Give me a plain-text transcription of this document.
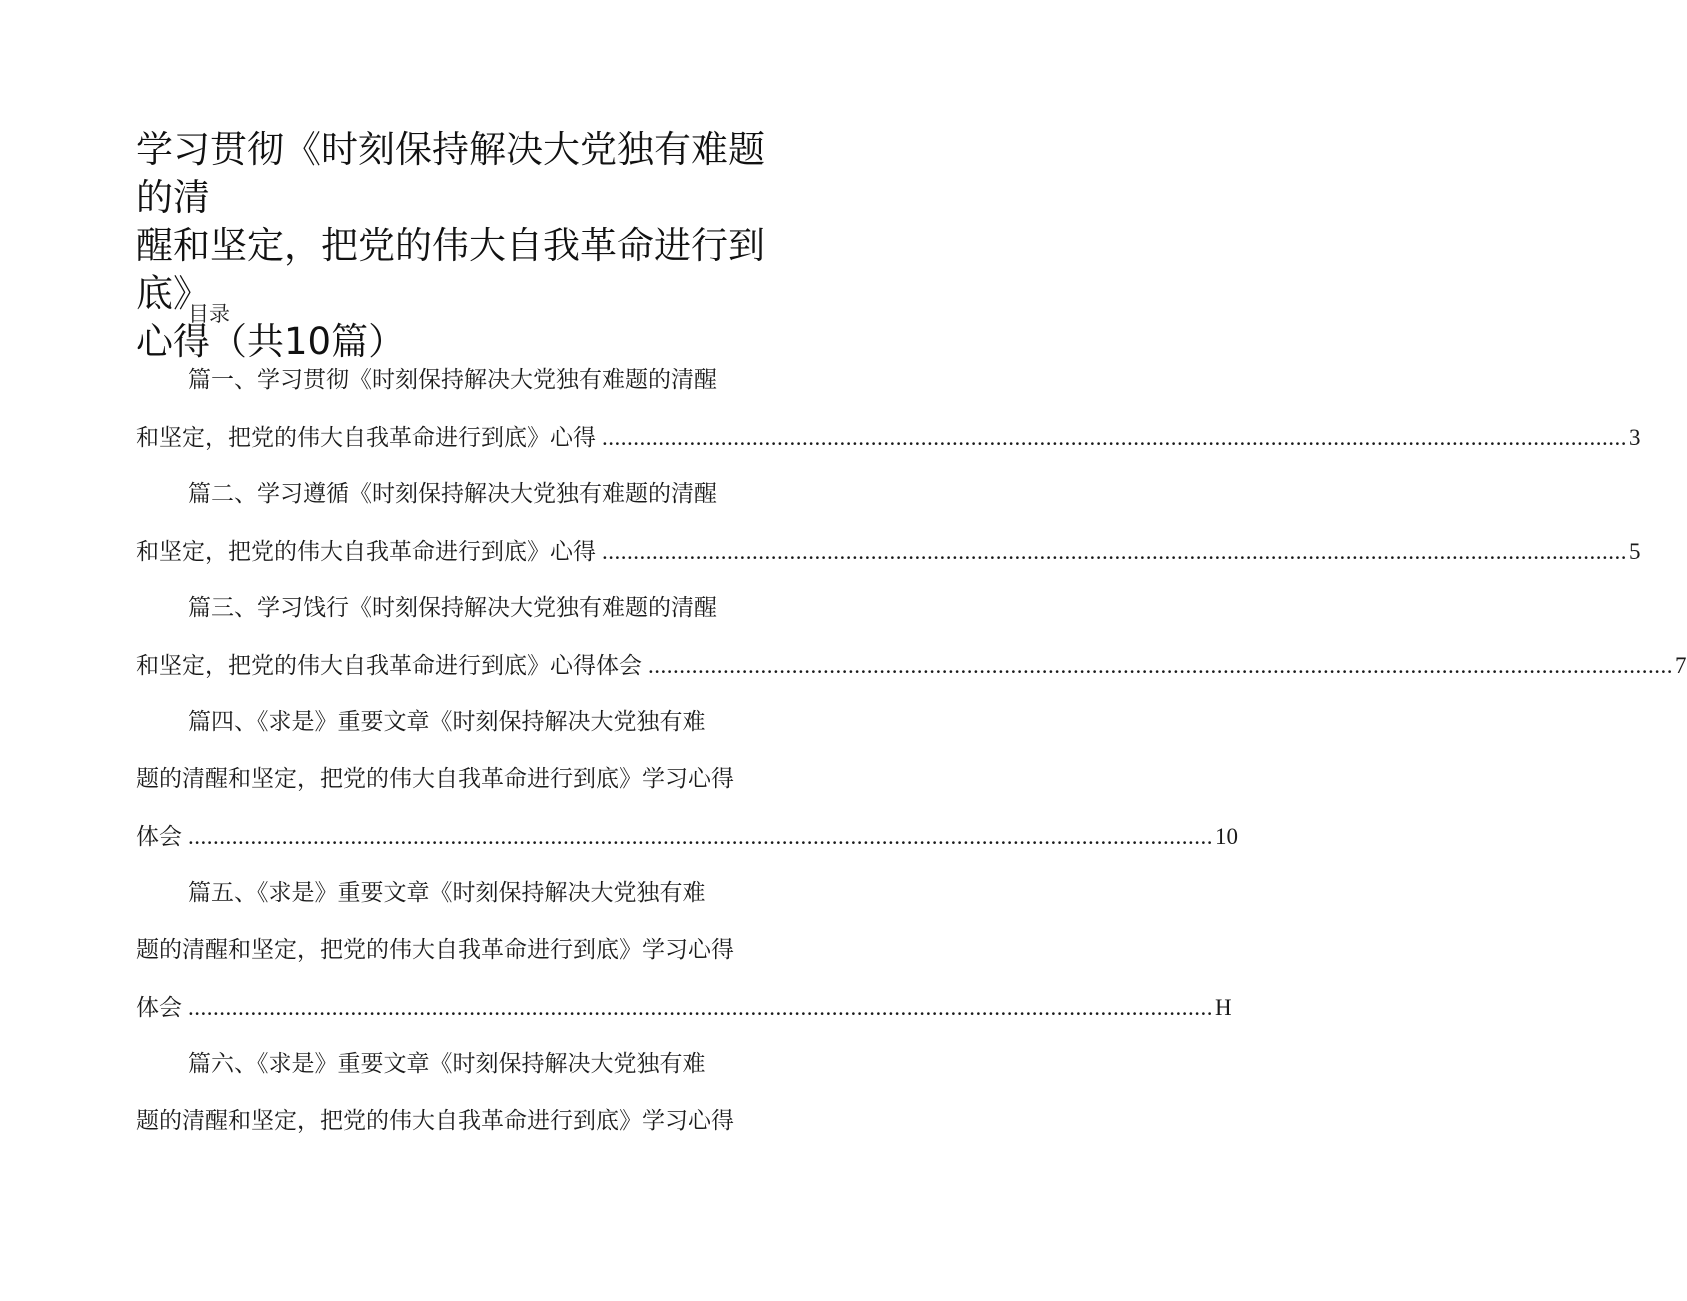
学习贯彻《时刻保持解决大党独有难题的清
醒和坚定，把党的伟大自我革命进行到底》
心得（共10篇）
目录
篇一、学习贯彻《时刻保持解决大党独有难题的清醒
和坚定，把党的伟大自我革命进行到底》心得 .................................................................................................................................................................... 3
篇二、学习遵循《时刻保持解决大党独有难题的清醒
和坚定，把党的伟大自我革命进行到底》心得 .................................................................................................................................................................... 5
篇三、学习饯行《时刻保持解决大党独有难题的清醒
和坚定，把党的伟大自我革命进行到底》心得体会 .................................................................................................................................................................... 7
篇四、《求是》重要文章《时刻保持解决大党独有难
题的清醒和坚定，把党的伟大自我革命进行到底》学习心得
体会 .................................................................................................................................................................... 10
篇五、《求是》重要文章《时刻保持解决大党独有难
题的清醒和坚定，把党的伟大自我革命进行到底》学习心得
体会 .................................................................................................................................................................... H
篇六、《求是》重要文章《时刻保持解决大党独有难
题的清醒和坚定，把党的伟大自我革命进行到底》学习心得
